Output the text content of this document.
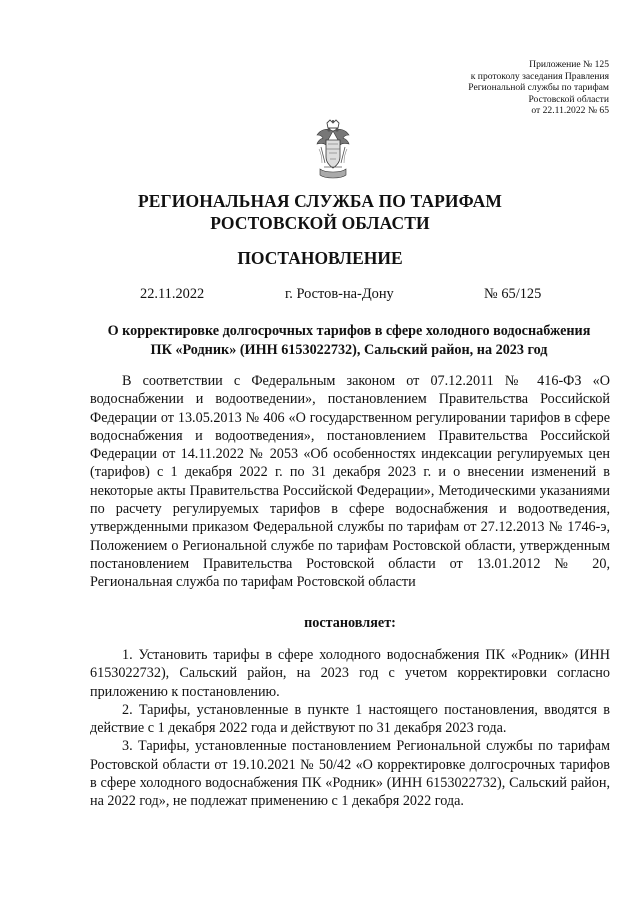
Приложение № 125
к протоколу заседания Правления
Региональной службы по тарифам
Ростовской области
от 22.11.2022 № 65
РЕГИОНАЛЬНАЯ СЛУЖБА ПО ТАРИФАМ
РОСТОВСКОЙ ОБЛАСТИ
ПОСТАНОВЛЕНИЕ
22.11.2022	г. Ростов-на-Дону	№ 65/125
О корректировке долгосрочных тарифов в сфере холодного водоснабжения
ПК «Родник» (ИНН 6153022732), Сальский район, на 2023 год
В соответствии с Федеральным законом от 07.12.2011 № 416-ФЗ «О водоснабжении и водоотведении», постановлением Правительства Российской Федерации от 13.05.2013 № 406 «О государственном регулировании тарифов в сфере водоснабжения и водоотведения», постановлением Правительства Российской Федерации от 14.11.2022 № 2053 «Об особенностях индексации регулируемых цен (тарифов) с 1 декабря 2022 г. по 31 декабря 2023 г. и о внесении изменений в некоторые акты Правительства Российской Федерации», Методическими указаниями по расчету регулируемых тарифов в сфере водоснабжения и водоотведения, утвержденными приказом Федеральной службы по тарифам от 27.12.2013 № 1746-э, Положением о Региональной службе по тарифам Ростовской области, утвержденным постановлением Правительства Ростовской области от 13.01.2012 № 20, Региональная служба по тарифам Ростовской области
постановляет:

1. Установить тарифы в сфере холодного водоснабжения ПК «Родник» (ИНН 6153022732), Сальский район, на 2023 год с учетом корректировки согласно приложению к постановлению.

2. Тарифы, установленные в пункте 1 настоящего постановления, вводятся в действие с 1 декабря 2022 года и действуют по 31 декабря 2023 года.

3. Тарифы, установленные постановлением Региональной службы по тарифам Ростовской области от 19.10.2021 № 50/42 «О корректировке долгосрочных тарифов в сфере холодного водоснабжения ПК «Родник» (ИНН 6153022732), Сальский район, на 2022 год», не подлежат применению с 1 декабря 2022 года.
